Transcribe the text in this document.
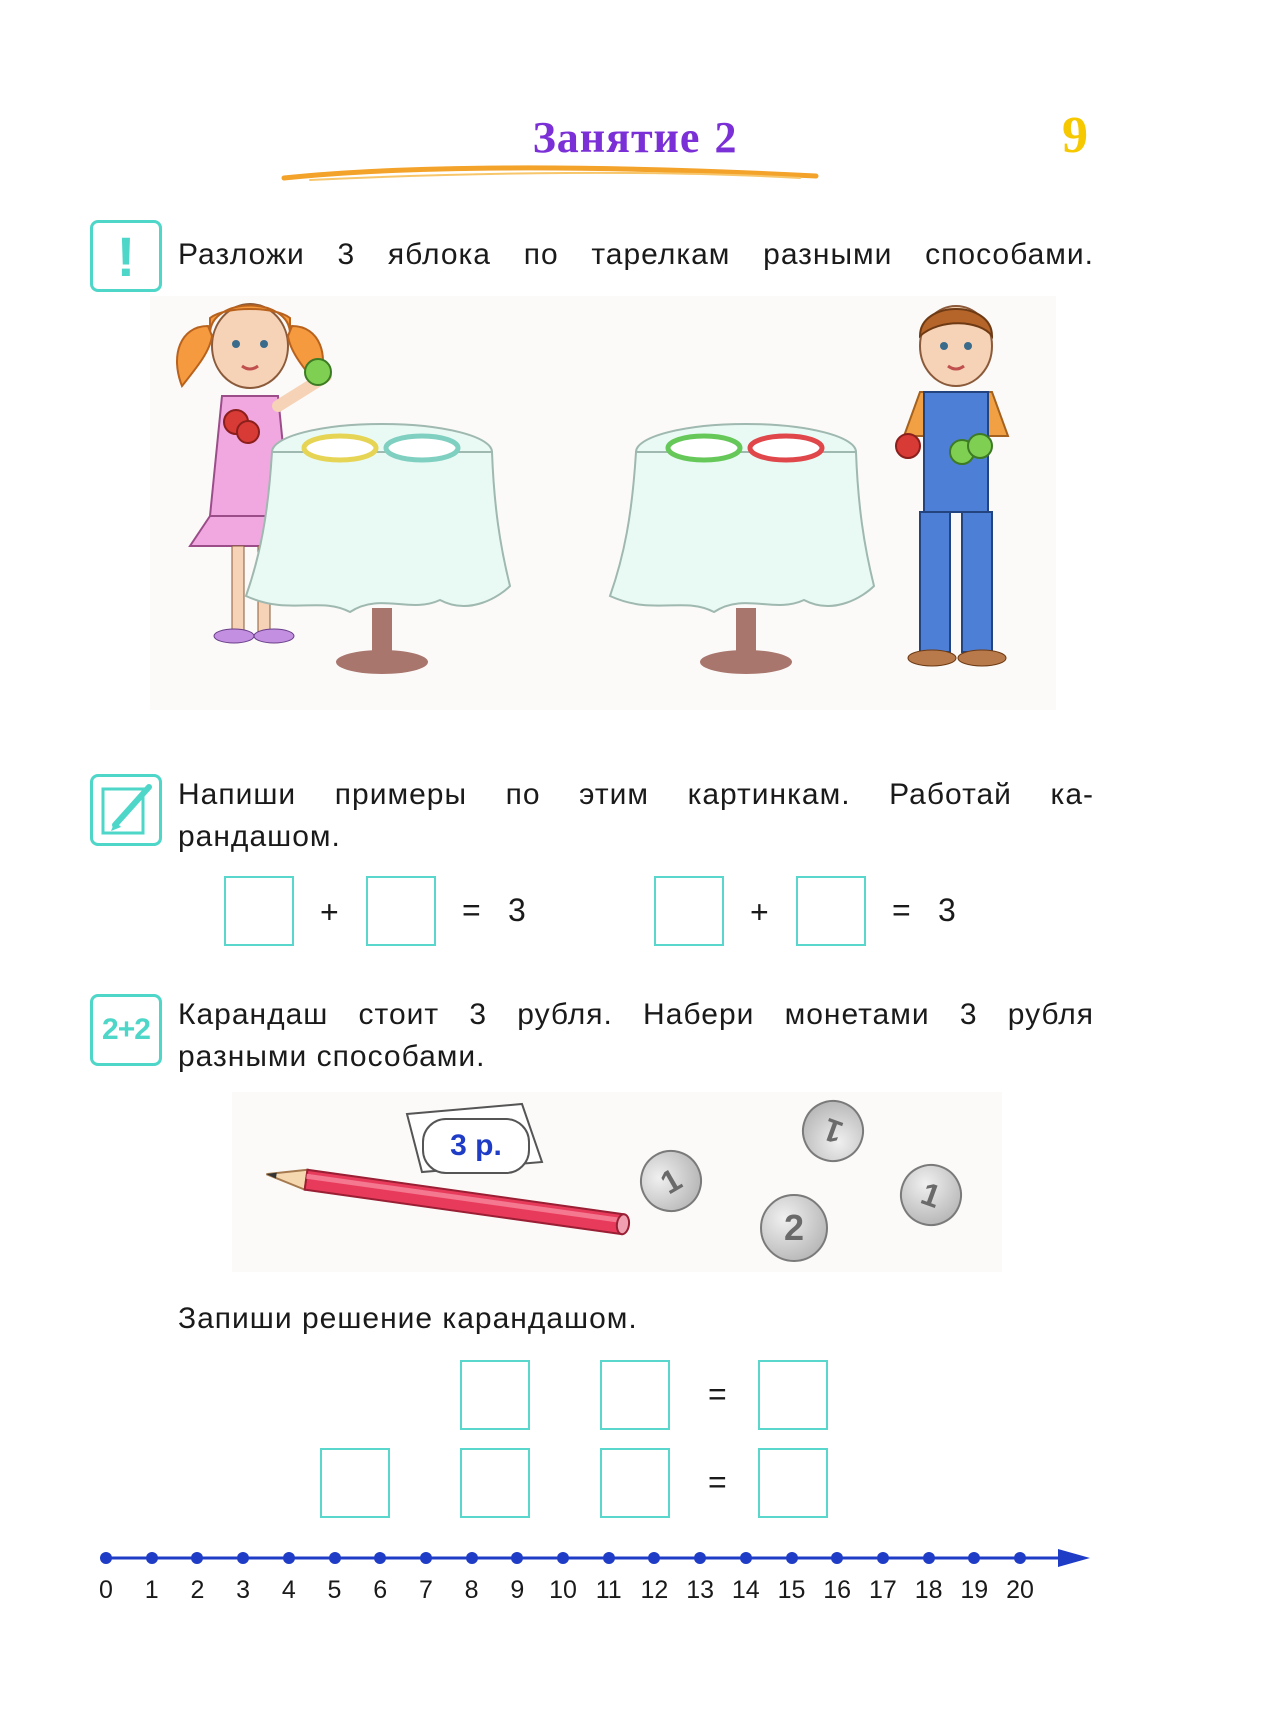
Занятие 2	9
! Разложи 3 яблока по тарелкам разными способами.
Напиши примеры по этим картинкам. Работай ка-
рандашом.
+	= 3	+	= 3
2+2 Карандаш стоит 3 рубля. Набери монетами 3 рубля
разными способами.
3 р.
1
2
1
1
Запиши решение карандашом.
=
=
0 1 2 3 4 5 6 7 8 9 10 11 12 13 14 15 16 17 18 19 20
